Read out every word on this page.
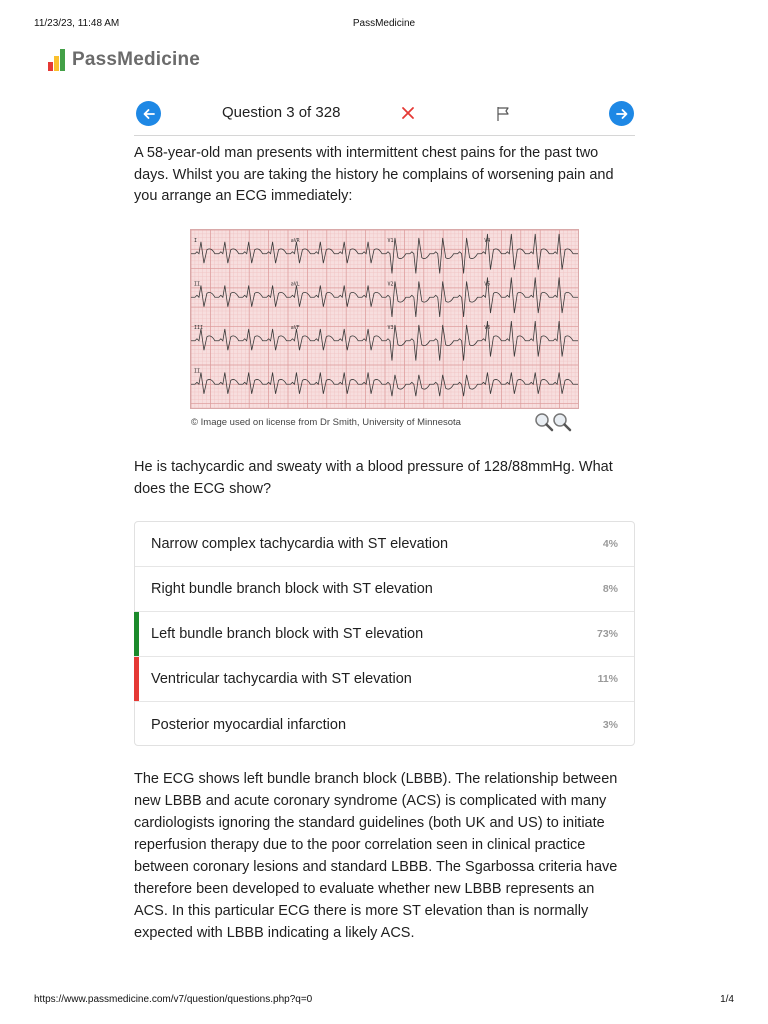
11/23/23, 11:48 AM	PassMedicine
PassMedicine
Question 3 of 328

A 58-year-old man presents with intermittent chest pains for the past two days. Whilst you are taking the history he complains of worsening pain and you arrange an ECG immediately:

I	aVR	V1	V4
II	aVL	V2	V5
III	aVF	V3	V6
II
© Image used on license from Dr Smith, University of Minnesota

He is tachycardic and sweaty with a blood pressure of 128/88mmHg. What does the ECG show?

Narrow complex tachycardia with ST elevation	4%
Right bundle branch block with ST elevation	8%
Left bundle branch block with ST elevation	73%
Ventricular tachycardia with ST elevation	11%
Posterior myocardial infarction	3%

The ECG shows left bundle branch block (LBBB). The relationship between new LBBB and acute coronary syndrome (ACS) is complicated with many cardiologists ignoring the standard guidelines (both UK and US) to initiate reperfusion therapy due to the poor correlation seen in clinical practice between coronary lesions and standard LBBB. The Sgarbossa criteria have therefore been developed to evaluate whether new LBBB represents an ACS. In this particular ECG there is more ST elevation than is normally expected with LBBB indicating a likely ACS.

https://www.passmedicine.com/v7/question/questions.php?q=0	1/4
